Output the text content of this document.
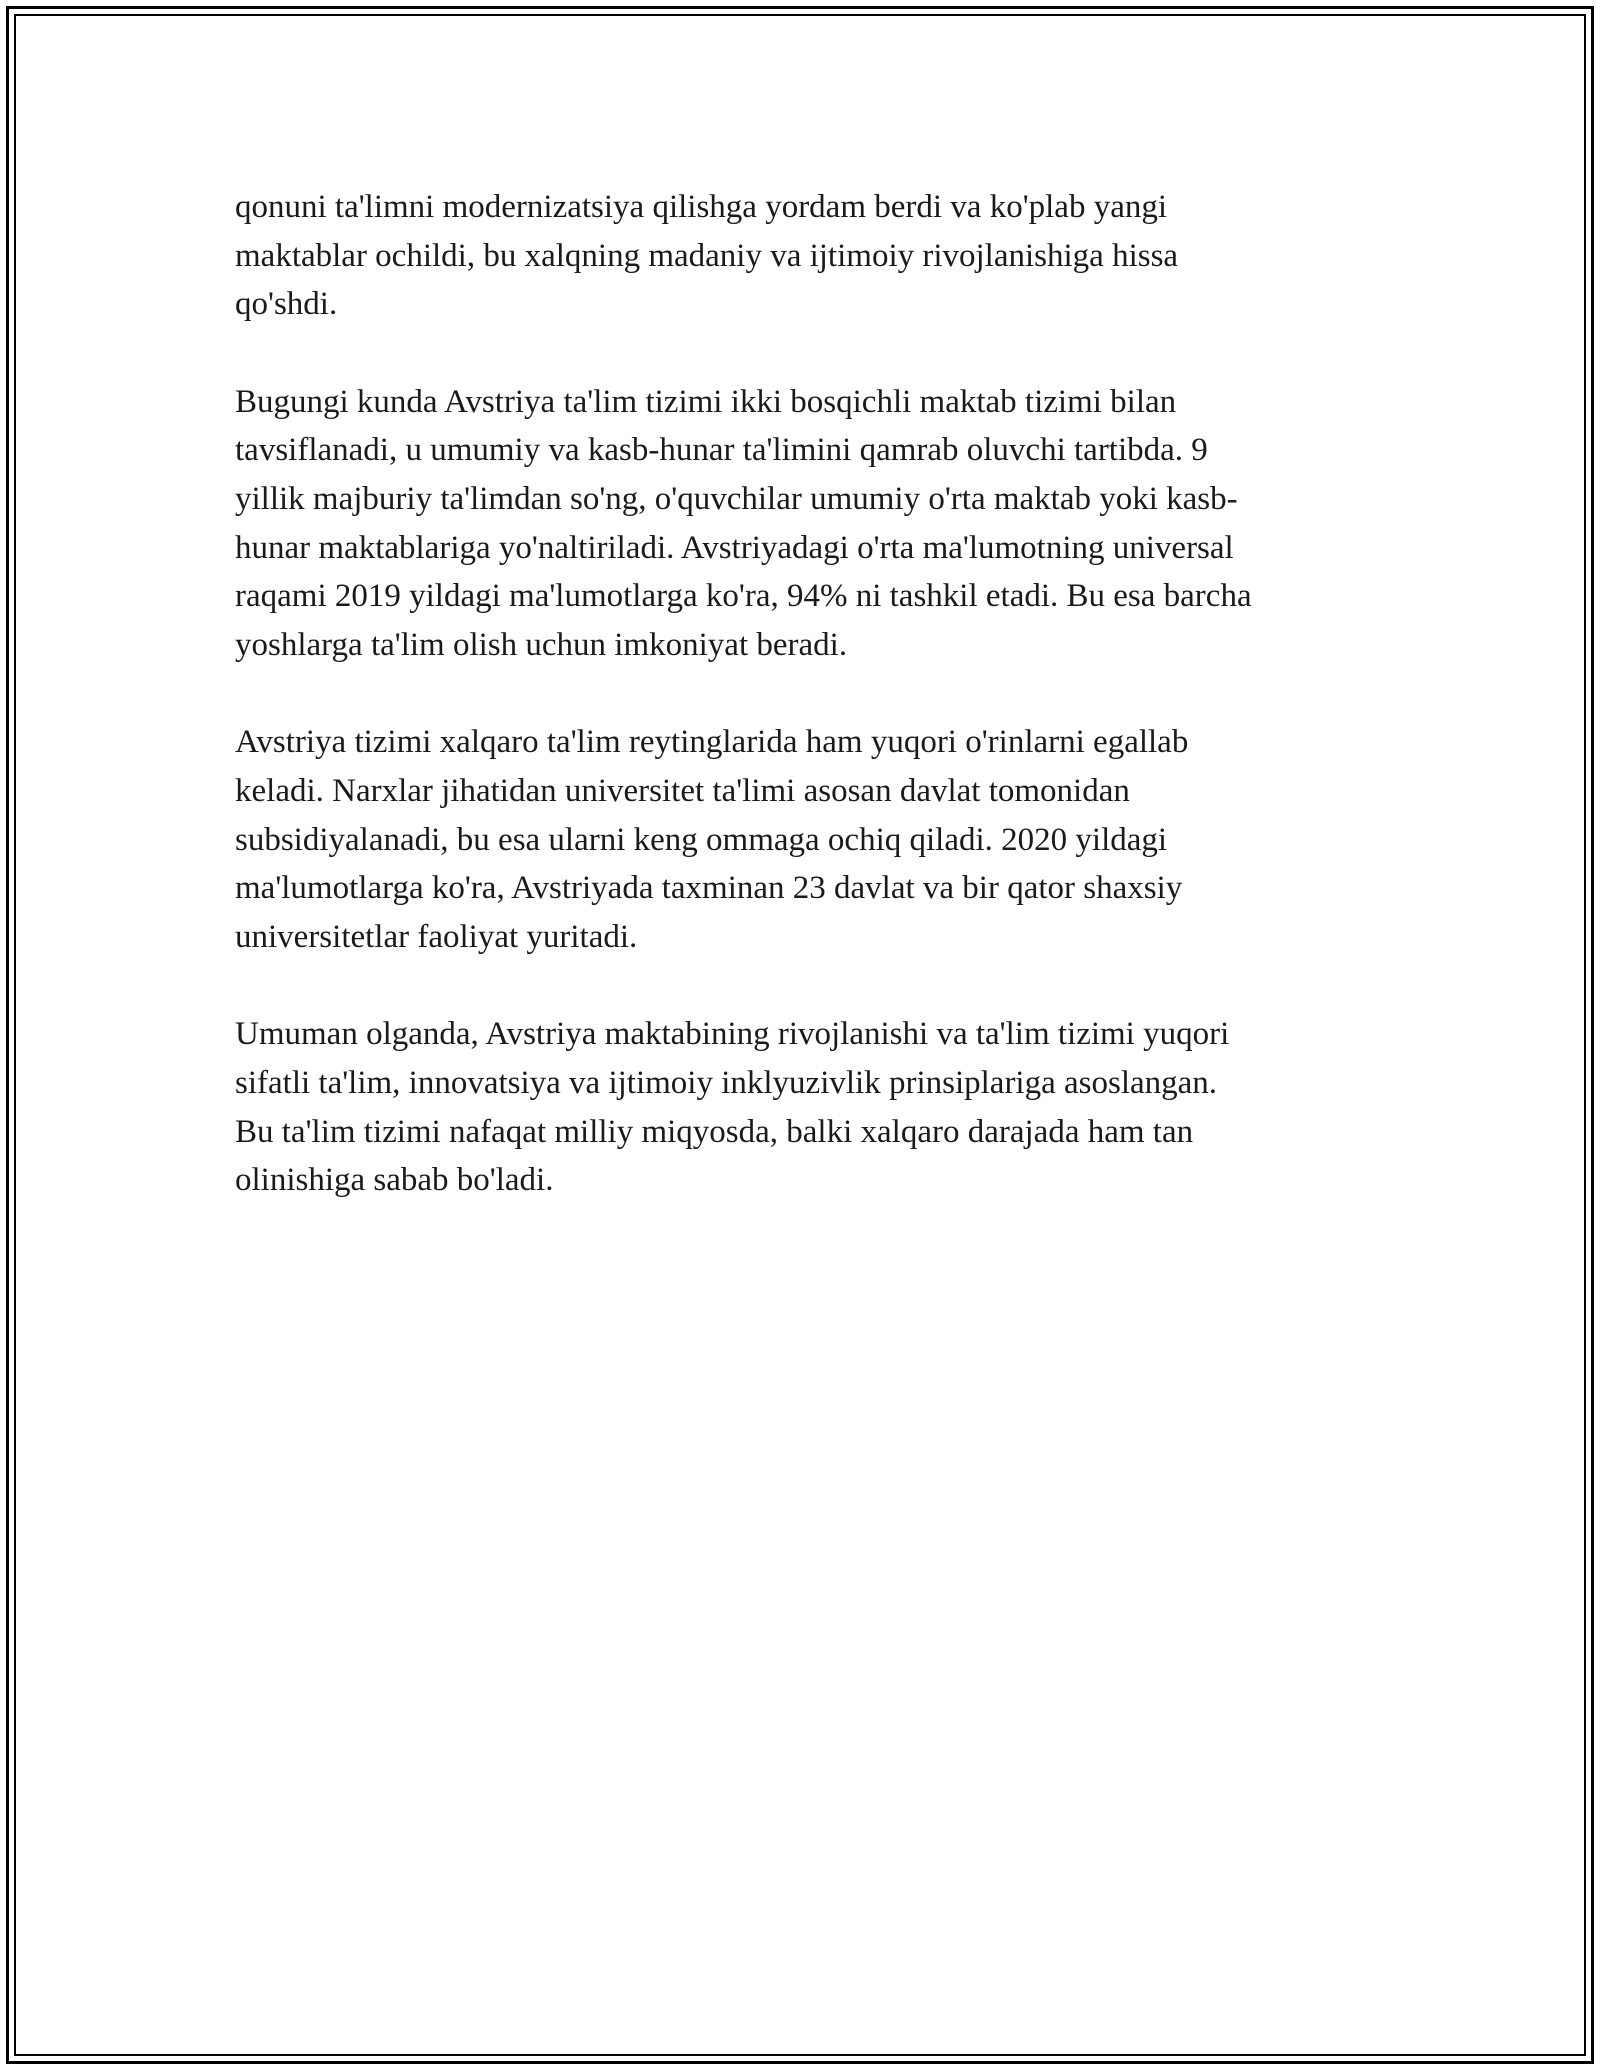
qonuni ta'limni modernizatsiya qilishga yordam berdi va ko'plab yangi
maktablar ochildi, bu xalqning madaniy va ijtimoiy rivojlanishiga hissa
qo'shdi.
Bugungi kunda Avstriya ta'lim tizimi ikki bosqichli maktab tizimi bilan
tavsiflanadi, u umumiy va kasb-hunar ta'limini qamrab oluvchi tartibda. 9
yillik majburiy ta'limdan so'ng, o'quvchilar umumiy o'rta maktab yoki kasb-
hunar maktablariga yo'naltiriladi. Avstriyadagi o'rta ma'lumotning universal
raqami 2019 yildagi ma'lumotlarga ko'ra, 94% ni tashkil etadi. Bu esa barcha
yoshlarga ta'lim olish uchun imkoniyat beradi.
Avstriya tizimi xalqaro ta'lim reytinglarida ham yuqori o'rinlarni egallab
keladi. Narxlar jihatidan universitet ta'limi asosan davlat tomonidan
subsidiyalanadi, bu esa ularni keng ommaga ochiq qiladi. 2020 yildagi
ma'lumotlarga ko'ra, Avstriyada taxminan 23 davlat va bir qator shaxsiy
universitetlar faoliyat yuritadi.
Umuman olganda, Avstriya maktabining rivojlanishi va ta'lim tizimi yuqori
sifatli ta'lim, innovatsiya va ijtimoiy inklyuzivlik prinsiplariga asoslangan.
Bu ta'lim tizimi nafaqat milliy miqyosda, balki xalqaro darajada ham tan
olinishiga sabab bo'ladi.
